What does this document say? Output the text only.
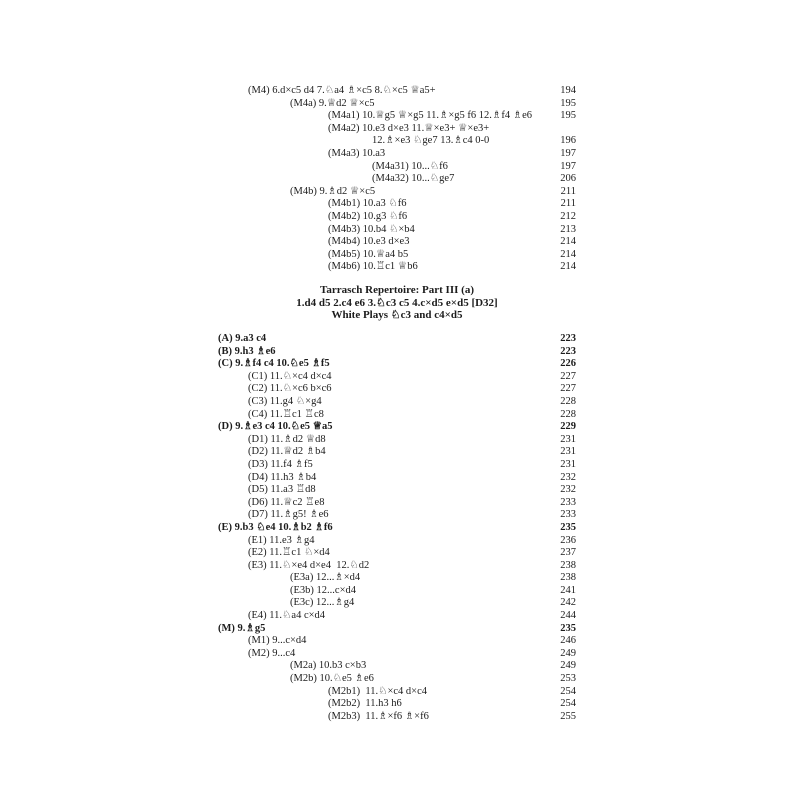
(M4) 6.d×c5 d4 7.♘a4 ♗×c5 8.♘×c5 ♕a5+	194
(M4a) 9.♕d2 ♕×c5	195
(M4a1) 10.♕g5 ♕×g5 11.♗×g5 f6 12.♗f4 ♗e6	195
(M4a2) 10.e3 d×e3 11.♕×e3+ ♕×e3+
12.♗×e3 ♘ge7 13.♗c4 0-0	196
(M4a3) 10.a3	197
(M4a31) 10...♘f6	197
(M4a32) 10...♘ge7	206
(M4b) 9.♗d2 ♕×c5	211
(M4b1) 10.a3 ♘f6	211
(M4b2) 10.g3 ♘f6	212
(M4b3) 10.b4 ♘×b4	213
(M4b4) 10.e3 d×e3	214
(M4b5) 10.♕a4 b5	214
(M4b6) 10.♖c1 ♕b6	214
Tarrasch Repertoire: Part III (a)
1.d4 d5 2.c4 e6 3.♘c3 c5 4.c×d5 e×d5 [D32]
White Plays ♘c3 and c4×d5
(A) 9.a3 c4	223
(B) 9.h3 ♗e6	223
(C) 9.♗f4 c4 10.♘e5 ♗f5	226
(C1) 11.♘×c4 d×c4	227
(C2) 11.♘×c6 b×c6	227
(C3) 11.g4 ♘×g4	228
(C4) 11.♖c1 ♖c8	228
(D) 9.♗e3 c4 10.♘e5 ♕a5	229
(D1) 11.♗d2 ♕d8	231
(D2) 11.♕d2 ♗b4	231
(D3) 11.f4 ♗f5	231
(D4) 11.h3 ♗b4	232
(D5) 11.a3 ♖d8	232
(D6) 11.♕c2 ♖e8	233
(D7) 11.♗g5! ♗e6	233
(E) 9.b3 ♘e4 10.♗b2 ♗f6	235
(E1) 11.e3 ♗g4	236
(E2) 11.♖c1 ♘×d4	237
(E3) 11.♘×e4 d×e4  12.♘d2	238
(E3a) 12...♗×d4	238
(E3b) 12...c×d4	241
(E3c) 12...♗g4	242
(E4) 11.♘a4 c×d4	244
(M) 9.♗g5	235
(M1) 9...c×d4	246
(M2) 9...c4	249
(M2a) 10.b3 c×b3	249
(M2b) 10.♘e5 ♗e6	253
(M2b1)  11.♘×c4 d×c4	254
(M2b2)  11.h3 h6	254
(M2b3)  11.♗×f6 ♗×f6	255
